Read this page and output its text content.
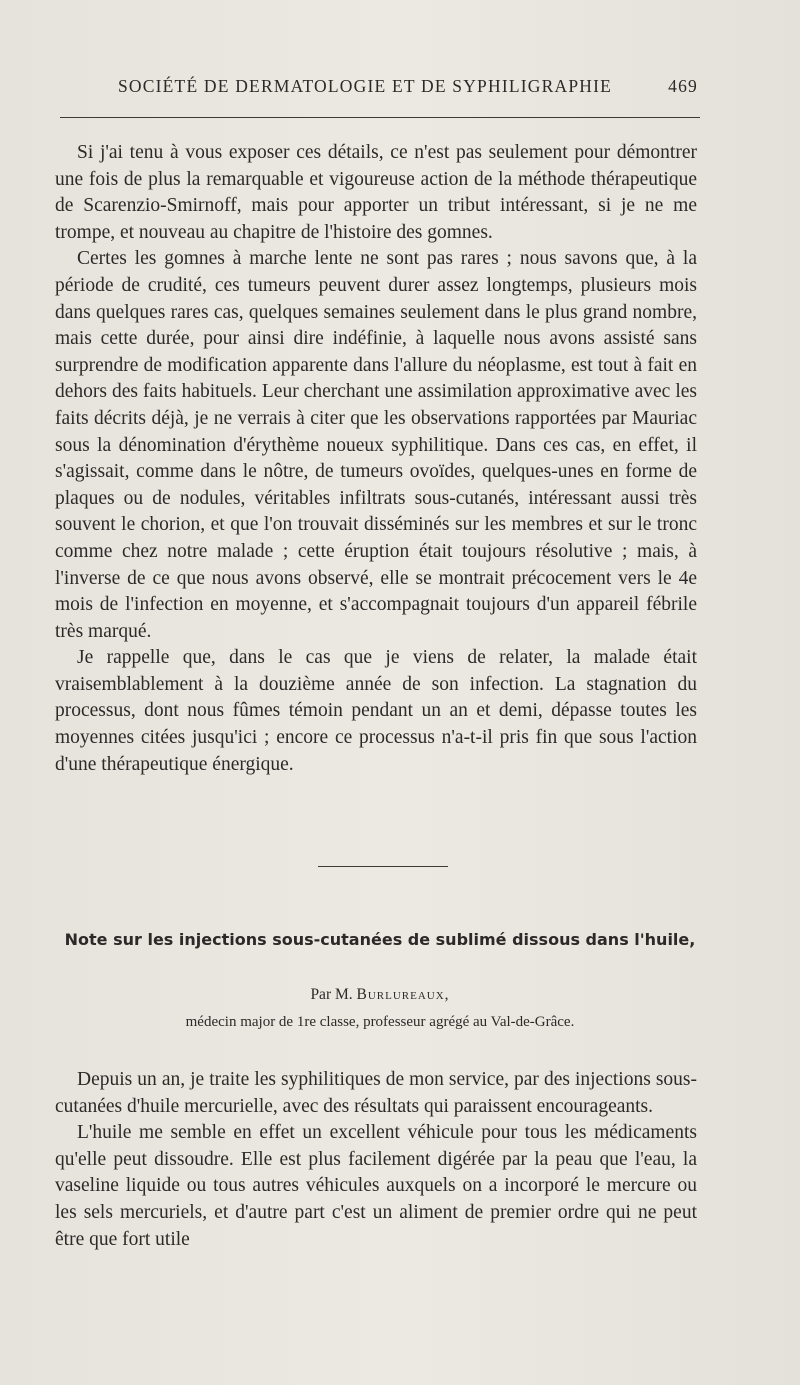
SOCIÉTÉ DE DERMATOLOGIE ET DE SYPHILIGRAPHIE	469

Si j'ai tenu à vous exposer ces détails, ce n'est pas seulement pour démontrer une fois de plus la remarquable et vigoureuse action de la méthode thérapeutique de Scarenzio-Smirnoff, mais pour apporter un tribut intéressant, si je ne me trompe, et nouveau au chapitre de l'histoire des gomnes.

Certes les gomnes à marche lente ne sont pas rares ; nous savons que, à la période de crudité, ces tumeurs peuvent durer assez longtemps, plusieurs mois dans quelques rares cas, quelques semaines seulement dans le plus grand nombre, mais cette durée, pour ainsi dire indéfinie, à laquelle nous avons assisté sans surprendre de modification apparente dans l'allure du néoplasme, est tout à fait en dehors des faits habituels. Leur cherchant une assimilation approximative avec les faits décrits déjà, je ne verrais à citer que les observations rapportées par Mauriac sous la dénomination d'érythème noueux syphilitique. Dans ces cas, en effet, il s'agissait, comme dans le nôtre, de tumeurs ovoïdes, quelques-unes en forme de plaques ou de nodules, véritables infiltrats sous-cutanés, intéressant aussi très souvent le chorion, et que l'on trouvait disséminés sur les membres et sur le tronc comme chez notre malade ; cette éruption était toujours résolutive ; mais, à l'inverse de ce que nous avons observé, elle se montrait précocement vers le 4e mois de l'infection en moyenne, et s'accompagnait toujours d'un appareil fébrile très marqué.

Je rappelle que, dans le cas que je viens de relater, la malade était vraisemblablement à la douzième année de son infection. La stagnation du processus, dont nous fûmes témoin pendant un an et demi, dépasse toutes les moyennes citées jusqu'ici ; encore ce processus n'a-t-il pris fin que sous l'action d'une thérapeutique énergique.

Note sur les injections sous-cutanées de sublimé dissous dans l'huile,
Par M. Burlureaux,
médecin major de 1re classe, professeur agrégé au Val-de-Grâce.

Depuis un an, je traite les syphilitiques de mon service, par des injections sous-cutanées d'huile mercurielle, avec des résultats qui paraissent encourageants.

L'huile me semble en effet un excellent véhicule pour tous les médicaments qu'elle peut dissoudre. Elle est plus facilement digérée par la peau que l'eau, la vaseline liquide ou tous autres véhicules auxquels on a incorporé le mercure ou les sels mercuriels, et d'autre part c'est un aliment de premier ordre qui ne peut être que fort utile
